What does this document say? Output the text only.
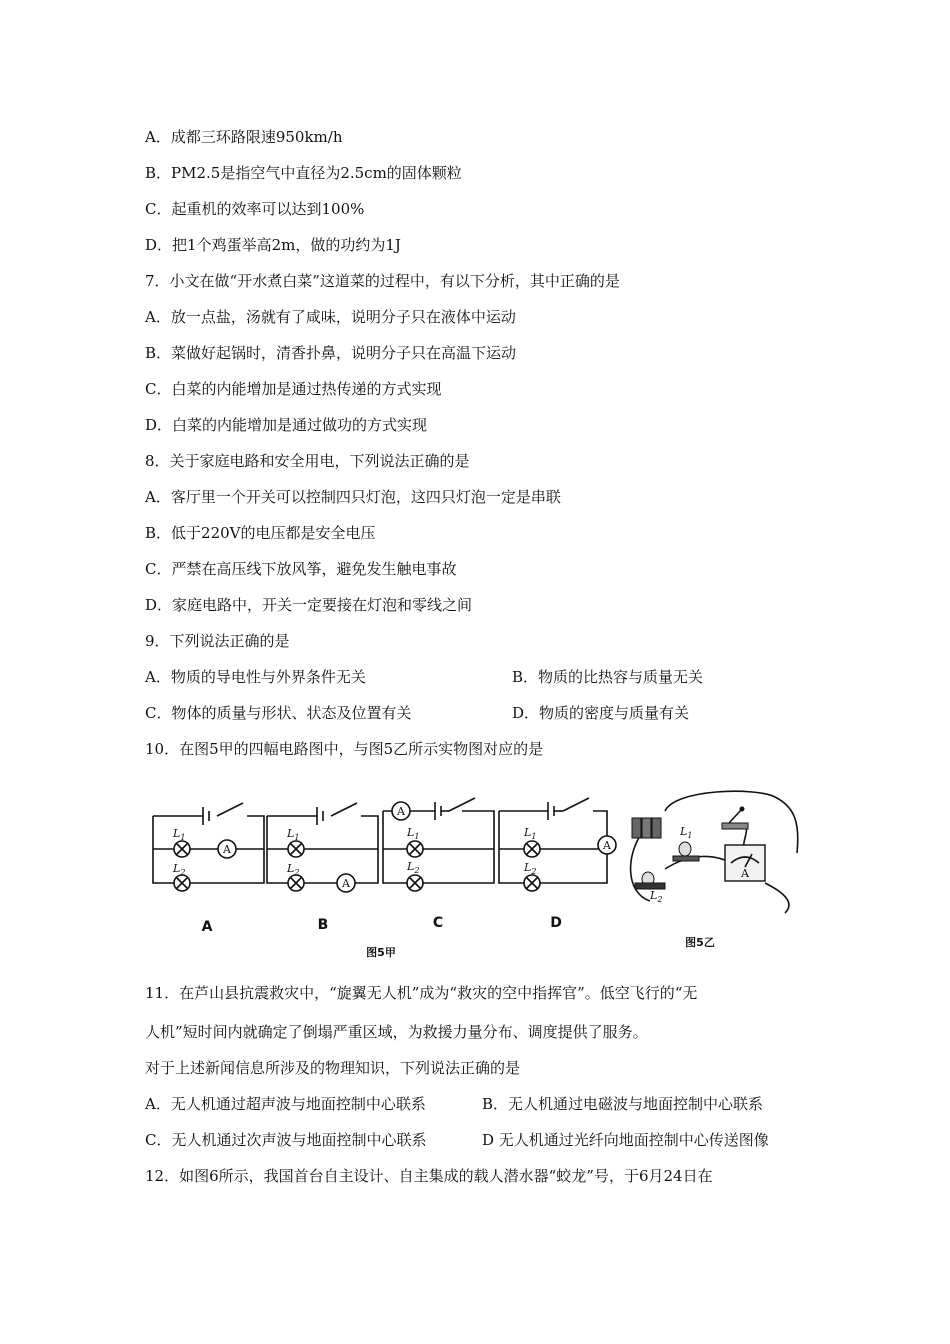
A．成都三环路限速950km/h
B．PM2.5是指空气中直径为2.5cm的固体颗粒
C．起重机的效率可以达到100%
D．把1个鸡蛋举高2m，做的功约为1J
7．小文在做“开水煮白菜”这道菜的过程中，有以下分析，其中正确的是
A．放一点盐，汤就有了咸味，说明分子只在液体中运动
B．菜做好起锅时，清香扑鼻，说明分子只在高温下运动
C．白菜的内能增加是通过热传递的方式实现
D．白菜的内能增加是通过做功的方式实现
8．关于家庭电路和安全用电，下列说法正确的是
A．客厅里一个开关可以控制四只灯泡，这四只灯泡一定是串联
B．低于220V的电压都是安全电压
C．严禁在高压线下放风筝，避免发生触电事故
D．家庭电路中，开关一定要接在灯泡和零线之间
9．下列说法正确的是
A．物质的导电性与外界条件无关	B．物质的比热容与质量无关
C．物体的质量与形状、状态及位置有关	D．物质的密度与质量有关
10．在图5甲的四幅电路图中，与图5乙所示实物图对应的是
A
$L_1$
$L_2$
A
A
$L_1$
$L_2$
B
A
$L_1$
$L_2$
C
A
$L_1$
$L_2$
D
$L_1$
$L_2$
A
图5甲
图5乙
11．在芦山县抗震救灾中，“旋翼无人机”成为“救灾的空中指挥官”。低空飞行的“无
人机”短时间内就确定了倒塌严重区域，为救援力量分布、调度提供了服务。
对于上述新闻信息所涉及的物理知识，下列说法正确的是
A．无人机通过超声波与地面控制中心联系	B．无人机通过电磁波与地面控制中心联系
C．无人机通过次声波与地面控制中心联系	D 无人机通过光纤向地面控制中心传送图像
12．如图6所示，我国首台自主设计、自主集成的载人潜水器“蛟龙”号，于6月24日在
